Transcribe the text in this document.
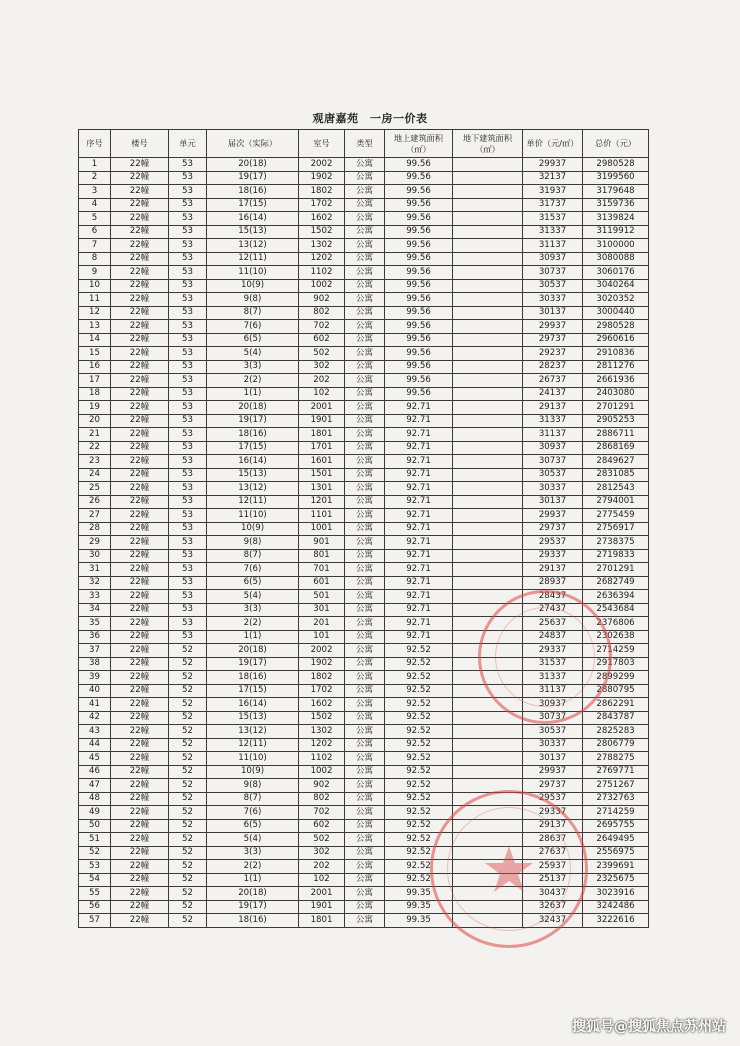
观唐嘉苑　一房一价表
序号	楼号	单元	届次（实际）	室号	类型	地上建筑面积（㎡）	地下建筑面积（㎡）	单价（元/㎡）	总价（元）
1	22幢	53	20(18)	2002	公寓	99.56		29937	2980528
2	22幢	53	19(17)	1902	公寓	99.56		32137	3199560
3	22幢	53	18(16)	1802	公寓	99.56		31937	3179648
4	22幢	53	17(15)	1702	公寓	99.56		31737	3159736
5	22幢	53	16(14)	1602	公寓	99.56		31537	3139824
6	22幢	53	15(13)	1502	公寓	99.56		31337	3119912
7	22幢	53	13(12)	1302	公寓	99.56		31137	3100000
8	22幢	53	12(11)	1202	公寓	99.56		30937	3080088
9	22幢	53	11(10)	1102	公寓	99.56		30737	3060176
10	22幢	53	10(9)	1002	公寓	99.56		30537	3040264
11	22幢	53	9(8)	902	公寓	99.56		30337	3020352
12	22幢	53	8(7)	802	公寓	99.56		30137	3000440
13	22幢	53	7(6)	702	公寓	99.56		29937	2980528
14	22幢	53	6(5)	602	公寓	99.56		29737	2960616
15	22幢	53	5(4)	502	公寓	99.56		29237	2910836
16	22幢	53	3(3)	302	公寓	99.56		28237	2811276
17	22幢	53	2(2)	202	公寓	99.56		26737	2661936
18	22幢	53	1(1)	102	公寓	99.56		24137	2403080
19	22幢	53	20(18)	2001	公寓	92.71		29137	2701291
20	22幢	53	19(17)	1901	公寓	92.71		31337	2905253
21	22幢	53	18(16)	1801	公寓	92.71		31137	2886711
22	22幢	53	17(15)	1701	公寓	92.71		30937	2868169
23	22幢	53	16(14)	1601	公寓	92.71		30737	2849627
24	22幢	53	15(13)	1501	公寓	92.71		30537	2831085
25	22幢	53	13(12)	1301	公寓	92.71		30337	2812543
26	22幢	53	12(11)	1201	公寓	92.71		30137	2794001
27	22幢	53	11(10)	1101	公寓	92.71		29937	2775459
28	22幢	53	10(9)	1001	公寓	92.71		29737	2756917
29	22幢	53	9(8)	901	公寓	92.71		29537	2738375
30	22幢	53	8(7)	801	公寓	92.71		29337	2719833
31	22幢	53	7(6)	701	公寓	92.71		29137	2701291
32	22幢	53	6(5)	601	公寓	92.71		28937	2682749
33	22幢	53	5(4)	501	公寓	92.71		28437	2636394
34	22幢	53	3(3)	301	公寓	92.71		27437	2543684
35	22幢	53	2(2)	201	公寓	92.71		25637	2376806
36	22幢	53	1(1)	101	公寓	92.71		24837	2302638
37	22幢	52	20(18)	2002	公寓	92.52		29337	2714259
38	22幢	52	19(17)	1902	公寓	92.52		31537	2917803
39	22幢	52	18(16)	1802	公寓	92.52		31337	2899299
40	22幢	52	17(15)	1702	公寓	92.52		31137	2880795
41	22幢	52	16(14)	1602	公寓	92.52		30937	2862291
42	22幢	52	15(13)	1502	公寓	92.52		30737	2843787
43	22幢	52	13(12)	1302	公寓	92.52		30537	2825283
44	22幢	52	12(11)	1202	公寓	92.52		30337	2806779
45	22幢	52	11(10)	1102	公寓	92.52		30137	2788275
46	22幢	52	10(9)	1002	公寓	92.52		29937	2769771
47	22幢	52	9(8)	902	公寓	92.52		29737	2751267
48	22幢	52	8(7)	802	公寓	92.52		29537	2732763
49	22幢	52	7(6)	702	公寓	92.52		29337	2714259
50	22幢	52	6(5)	602	公寓	92.52		29137	2695755
51	22幢	52	5(4)	502	公寓	92.52		28637	2649495
52	22幢	52	3(3)	302	公寓	92.52		27637	2556975
53	22幢	52	2(2)	202	公寓	92.52		25937	2399691
54	22幢	52	1(1)	102	公寓	92.52		25137	2325675
55	22幢	52	20(18)	2001	公寓	99.35		30437	3023916
56	22幢	52	19(17)	1901	公寓	99.35		32637	3242486
57	22幢	52	18(16)	1801	公寓	99.35		32437	3222616
搜狐号@搜狐焦点苏州站
